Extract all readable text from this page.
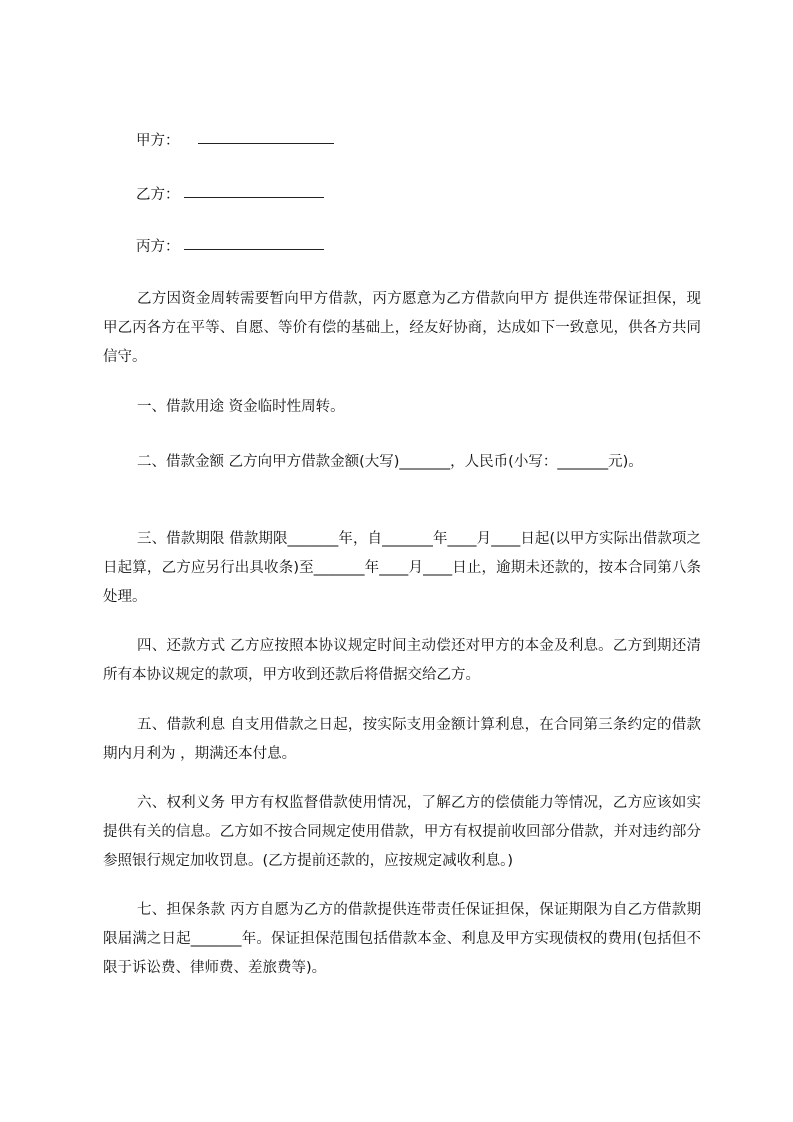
甲方：
乙方：
丙方：

乙方因资金周转需要暂向甲方借款，丙方愿意为乙方借款向甲方 提供连带保证担保，现甲乙丙各方在平等、自愿、等价有偿的基础上，经友好协商，达成如下一致意见，供各方共同信守。

一、借款用途 资金临时性周转。

二、借款金额 乙方向甲方借款金额(大写)_______，人民币(小写：_______元)。

三、借款期限 借款期限_______年，自_______年____月____日起(以甲方实际出借款项之日起算，乙方应另行出具收条)至_______年____月____日止，逾期未还款的，按本合同第八条处理。

四、还款方式 乙方应按照本协议规定时间主动偿还对甲方的本金及利息。乙方到期还清所有本协议规定的款项，甲方收到还款后将借据交给乙方。

五、借款利息 自支用借款之日起，按实际支用金额计算利息，在合同第三条约定的借款期内月利为 ，期满还本付息。

六、权利义务 甲方有权监督借款使用情况，了解乙方的偿债能力等情况，乙方应该如实提供有关的信息。乙方如不按合同规定使用借款，甲方有权提前收回部分借款，并对违约部分参照银行规定加收罚息。(乙方提前还款的，应按规定减收利息。)

七、担保条款 丙方自愿为乙方的借款提供连带责任保证担保，保证期限为自乙方借款期限届满之日起_______年。保证担保范围包括借款本金、利息及甲方实现债权的费用(包括但不限于诉讼费、律师费、差旅费等)。
